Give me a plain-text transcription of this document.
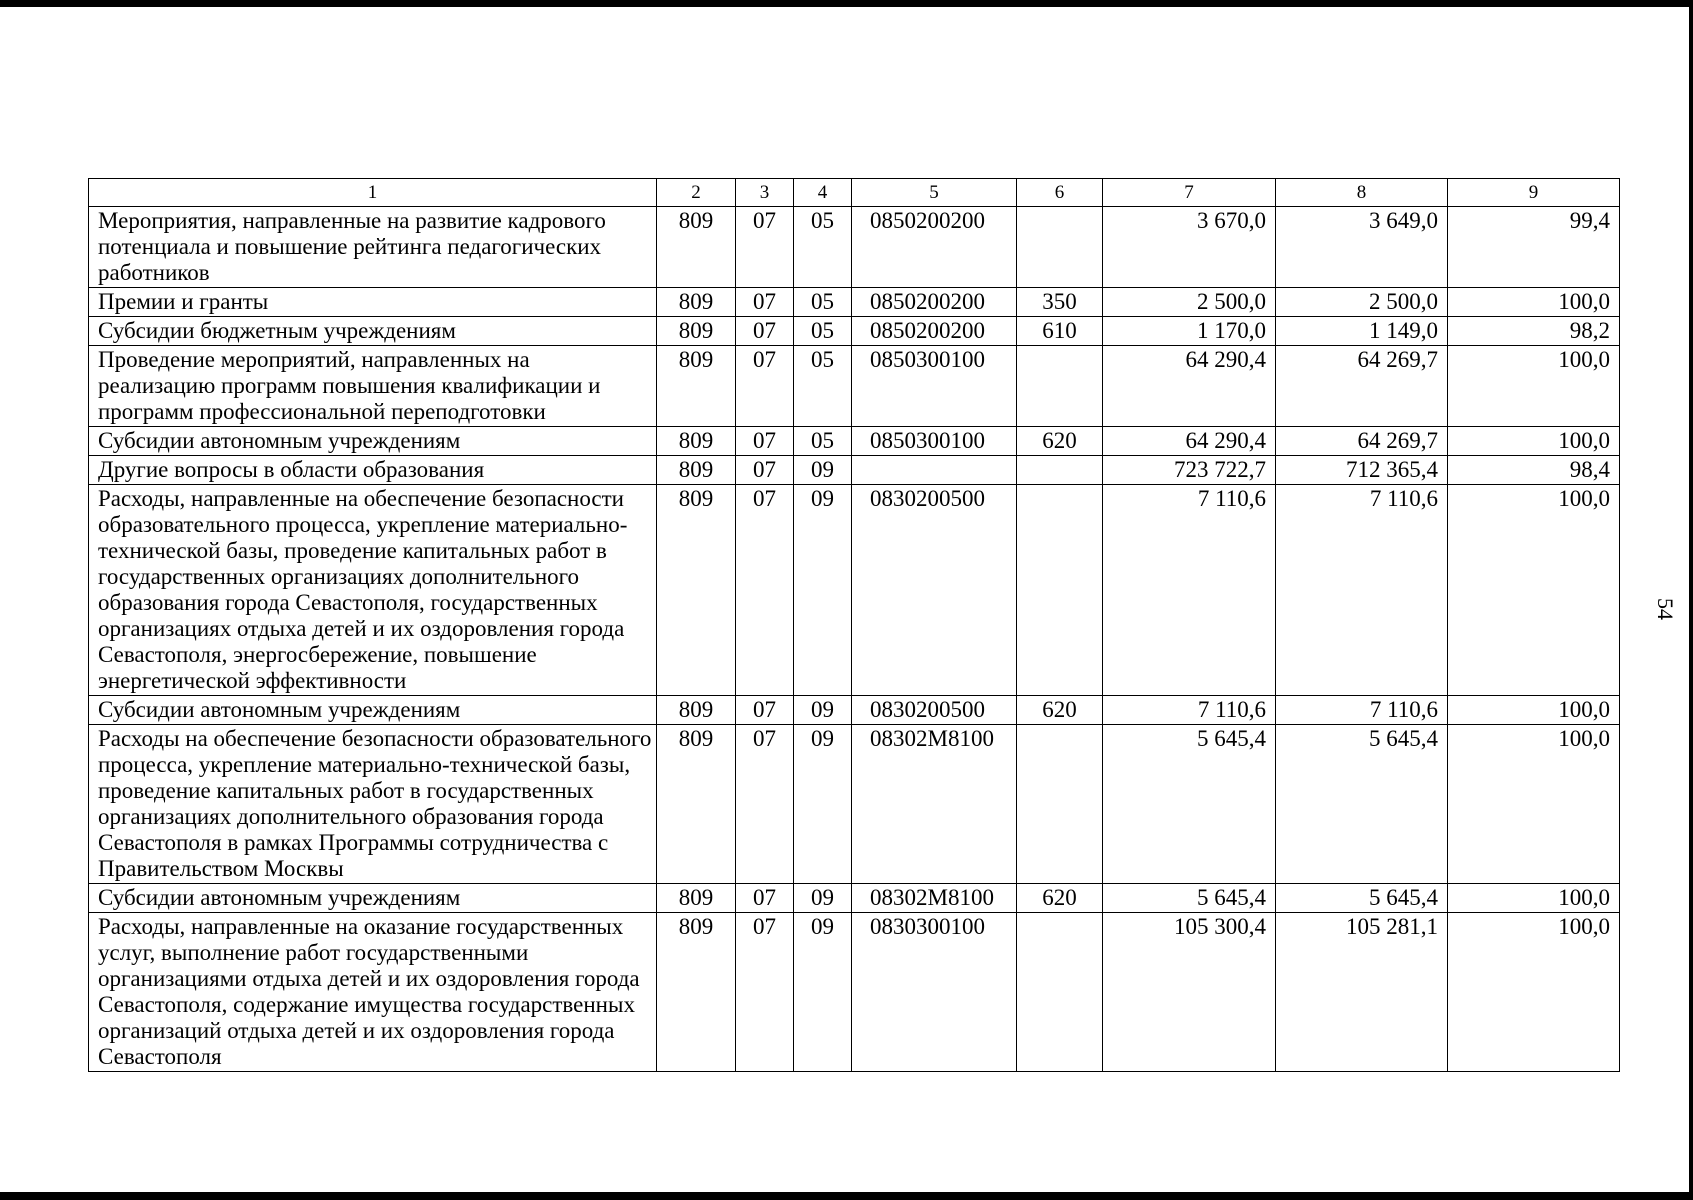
54
1	2	3	4	5	6	7	8	9
Мероприятия, направленные на развитие кадрового потенциала и повышение рейтинга педагогических работников	809	07	05	0850200200		3 670,0	3 649,0	99,4
Премии и гранты	809	07	05	0850200200	350	2 500,0	2 500,0	100,0
Субсидии бюджетным учреждениям	809	07	05	0850200200	610	1 170,0	1 149,0	98,2
Проведение мероприятий, направленных на реализацию программ повышения квалификации и программ профессиональной переподготовки	809	07	05	0850300100		64 290,4	64 269,7	100,0
Субсидии автономным учреждениям	809	07	05	0850300100	620	64 290,4	64 269,7	100,0
Другие вопросы в области образования	809	07	09			723 722,7	712 365,4	98,4
Расходы, направленные на обеспечение безопасности образовательного процесса, укрепление материально-технической базы, проведение капитальных работ в государственных организациях дополнительного образования города Севастополя, государственных организациях отдыха детей и их оздоровления города Севастополя, энергосбережение, повышение энергетической эффективности	809	07	09	0830200500		7 110,6	7 110,6	100,0
Субсидии автономным учреждениям	809	07	09	0830200500	620	7 110,6	7 110,6	100,0
Расходы на обеспечение безопасности образовательного процесса, укрепление материально-технической базы, проведение капитальных работ в государственных организациях дополнительного образования города Севастополя в рамках Программы сотрудничества с Правительством Москвы	809	07	09	08302М8100		5 645,4	5 645,4	100,0
Субсидии автономным учреждениям	809	07	09	08302М8100	620	5 645,4	5 645,4	100,0
Расходы, направленные на оказание государственных услуг, выполнение работ государственными организациями отдыха детей и их оздоровления города Севастополя, содержание имущества государственных организаций отдыха детей и их оздоровления города Севастополя	809	07	09	0830300100		105 300,4	105 281,1	100,0
